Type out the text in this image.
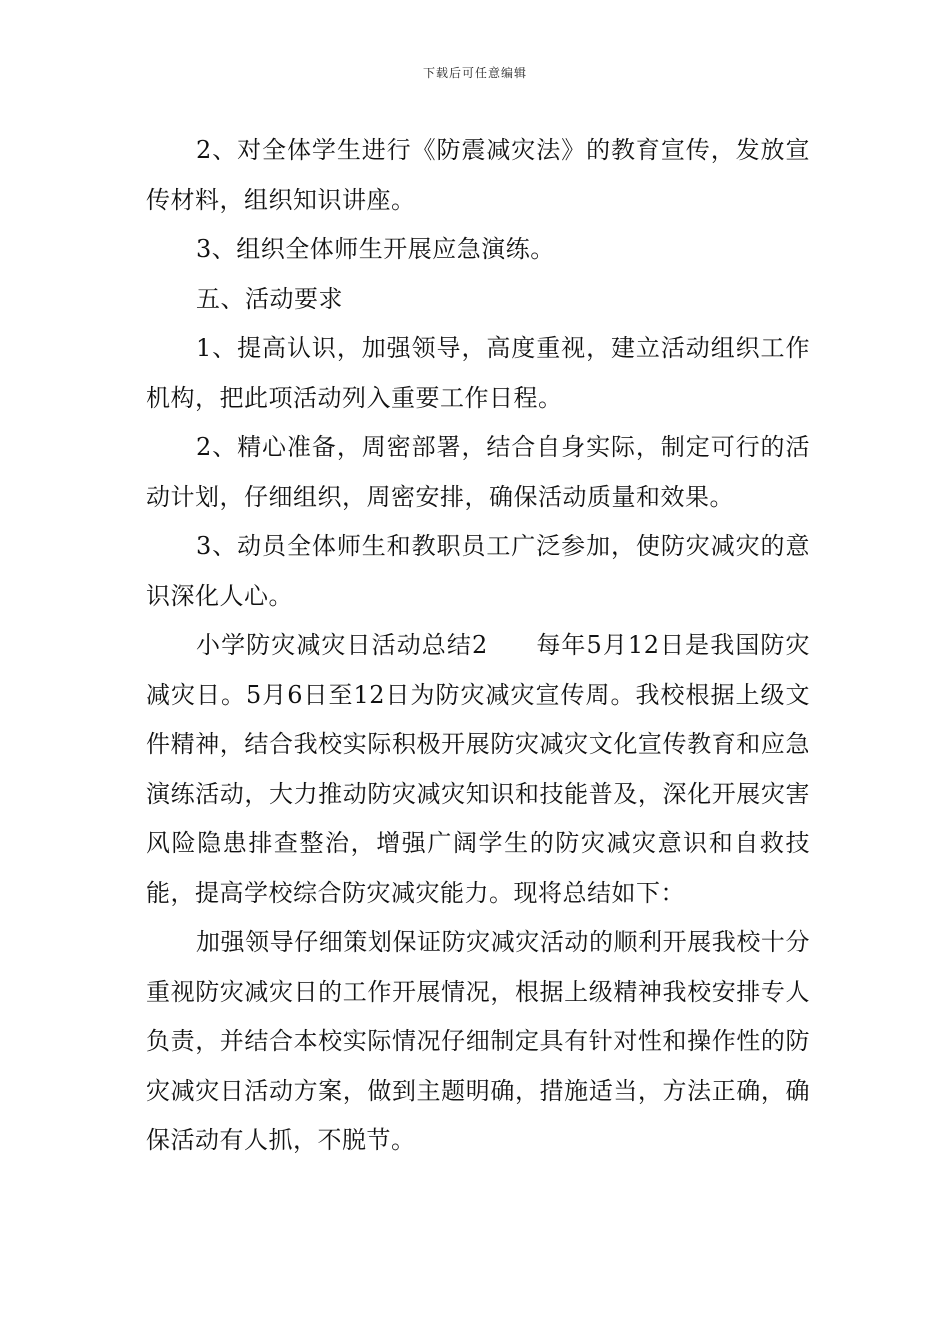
下载后可任意编辑

2、对全体学生进行《防震减灾法》的教育宣传，发放宣传材料，组织知识讲座。

3、组织全体师生开展应急演练。

五、活动要求

1、提高认识，加强领导，高度重视，建立活动组织工作机构，把此项活动列入重要工作日程。

2、精心准备，周密部署，结合自身实际，制定可行的活动计划，仔细组织，周密安排，确保活动质量和效果。

3、动员全体师生和教职员工广泛参加，使防灾减灾的意识深化人心。

小学防灾减灾日活动总结2 每年5月12日是我国防灾减灾日。5月6日至12日为防灾减灾宣传周。我校根据上级文件精神，结合我校实际积极开展防灾减灾文化宣传教育和应急演练活动，大力推动防灾减灾知识和技能普及，深化开展灾害风险隐患排查整治，增强广阔学生的防灾减灾意识和自救技能，提高学校综合防灾减灾能力。现将总结如下：

加强领导仔细策划保证防灾减灾活动的顺利开展我校十分重视防灾减灾日的工作开展情况，根据上级精神我校安排专人负责，并结合本校实际情况仔细制定具有针对性和操作性的防灾减灾日活动方案，做到主题明确，措施适当，方法正确，确保活动有人抓，不脱节。
